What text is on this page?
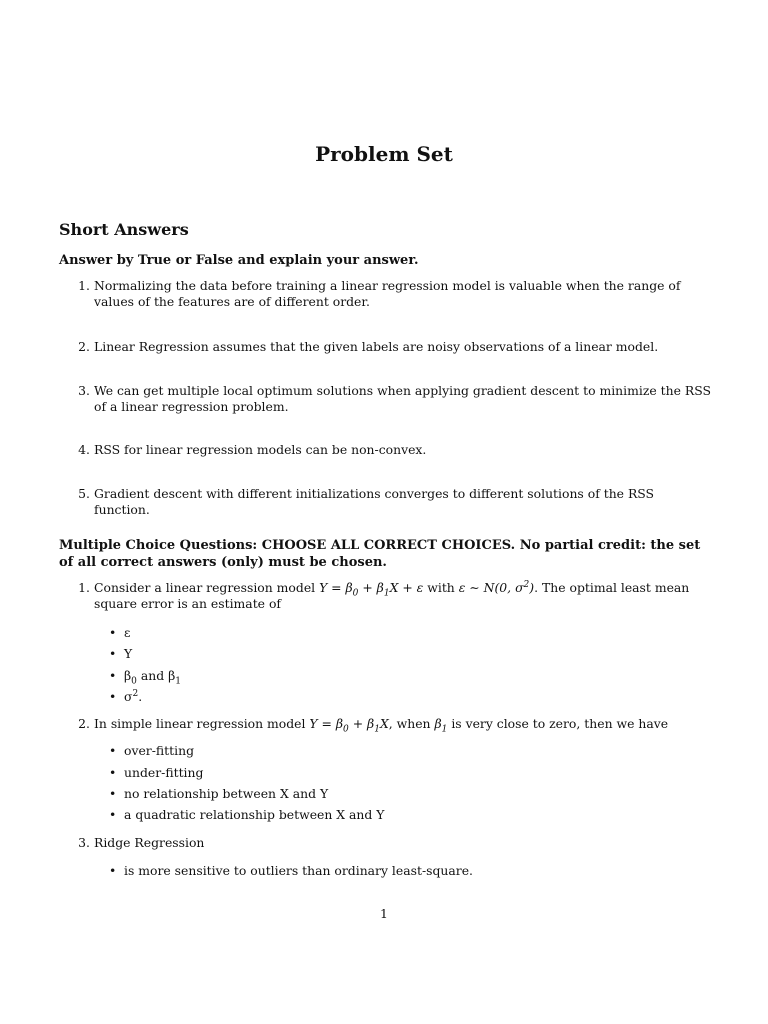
Problem Set
Short Answers
Answer by True or False and explain your answer.
1. Normalizing the data before training a linear regression model is valuable when the range of values of the features are of different order.
2. Linear Regression assumes that the given labels are noisy observations of a linear model.
3. We can get multiple local optimum solutions when applying gradient descent to minimize the RSS of a linear regression problem.
4. RSS for linear regression models can be non-convex.
5. Gradient descent with different initializations converges to different solutions of the RSS function.
Multiple Choice Questions: CHOOSE ALL CORRECT CHOICES. No partial credit: the set of all correct answers (only) must be chosen.
1. Consider a linear regression model $Y = \beta_0 + \beta_1X + \varepsilon$ with ε ∼ N(0, $\sigma^2$). The optimal least mean square error is an estimate of
• ε
• Y
• $\beta_0$ and $\beta_1$
• $\sigma^2$.
2. In simple linear regression model $Y = \beta_0 + \beta_1X$, when $\beta_1$ is very close to zero, then we have
• over-fitting
• under-fitting
• no relationship between X and Y
• a quadratic relationship between X and Y
3. Ridge Regression
• is more sensitive to outliers than ordinary least-square.
1
